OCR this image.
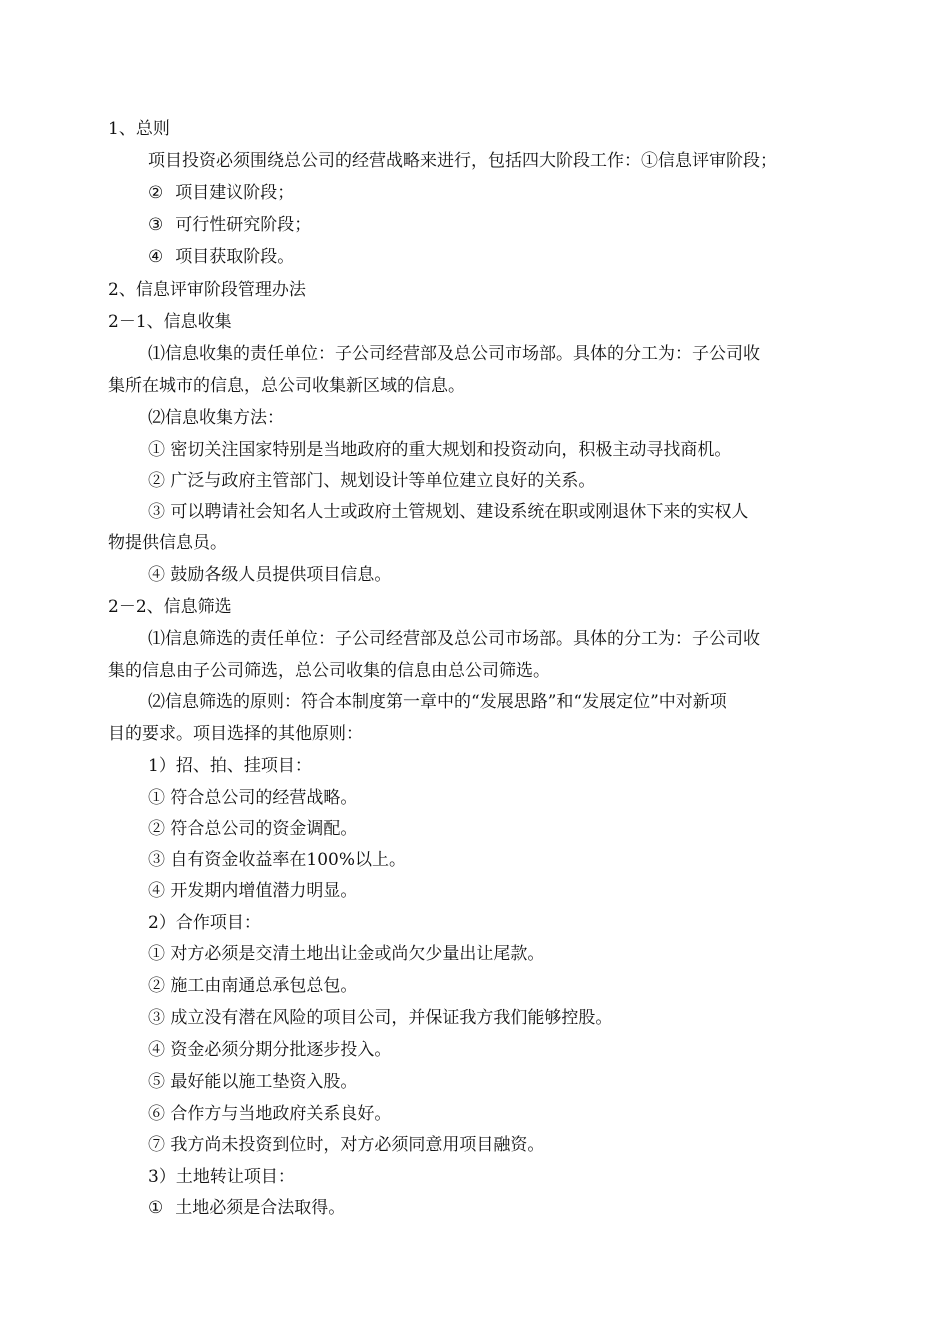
1、总则
项目投资必须围绕总公司的经营战略来进行，包括四大阶段工作：①信息评审阶段；
② 项目建议阶段；
③ 可行性研究阶段；
④ 项目获取阶段。
2、信息评审阶段管理办法
2－1、信息收集
⑴信息收集的责任单位：子公司经营部及总公司市场部。具体的分工为：子公司收
集所在城市的信息，总公司收集新区域的信息。
⑵信息收集方法：
① 密切关注国家特别是当地政府的重大规划和投资动向，积极主动寻找商机。
② 广泛与政府主管部门、规划设计等单位建立良好的关系。
③ 可以聘请社会知名人士或政府土管规划、建设系统在职或刚退休下来的实权人
物提供信息员。
④ 鼓励各级人员提供项目信息。
2－2、信息筛选
⑴信息筛选的责任单位：子公司经营部及总公司市场部。具体的分工为：子公司收
集的信息由子公司筛选，总公司收集的信息由总公司筛选。
⑵信息筛选的原则：符合本制度第一章中的“发展思路”和“发展定位”中对新项
目的要求。项目选择的其他原则：
1）招、拍、挂项目：
① 符合总公司的经营战略。
② 符合总公司的资金调配。
③ 自有资金收益率在100%以上。
④ 开发期内增值潜力明显。
2）合作项目：
① 对方必须是交清土地出让金或尚欠少量出让尾款。
② 施工由南通总承包总包。
③ 成立没有潜在风险的项目公司，并保证我方我们能够控股。
④ 资金必须分期分批逐步投入。
⑤ 最好能以施工垫资入股。
⑥ 合作方与当地政府关系良好。
⑦ 我方尚未投资到位时，对方必须同意用项目融资。
3）土地转让项目：
① 土地必须是合法取得。
